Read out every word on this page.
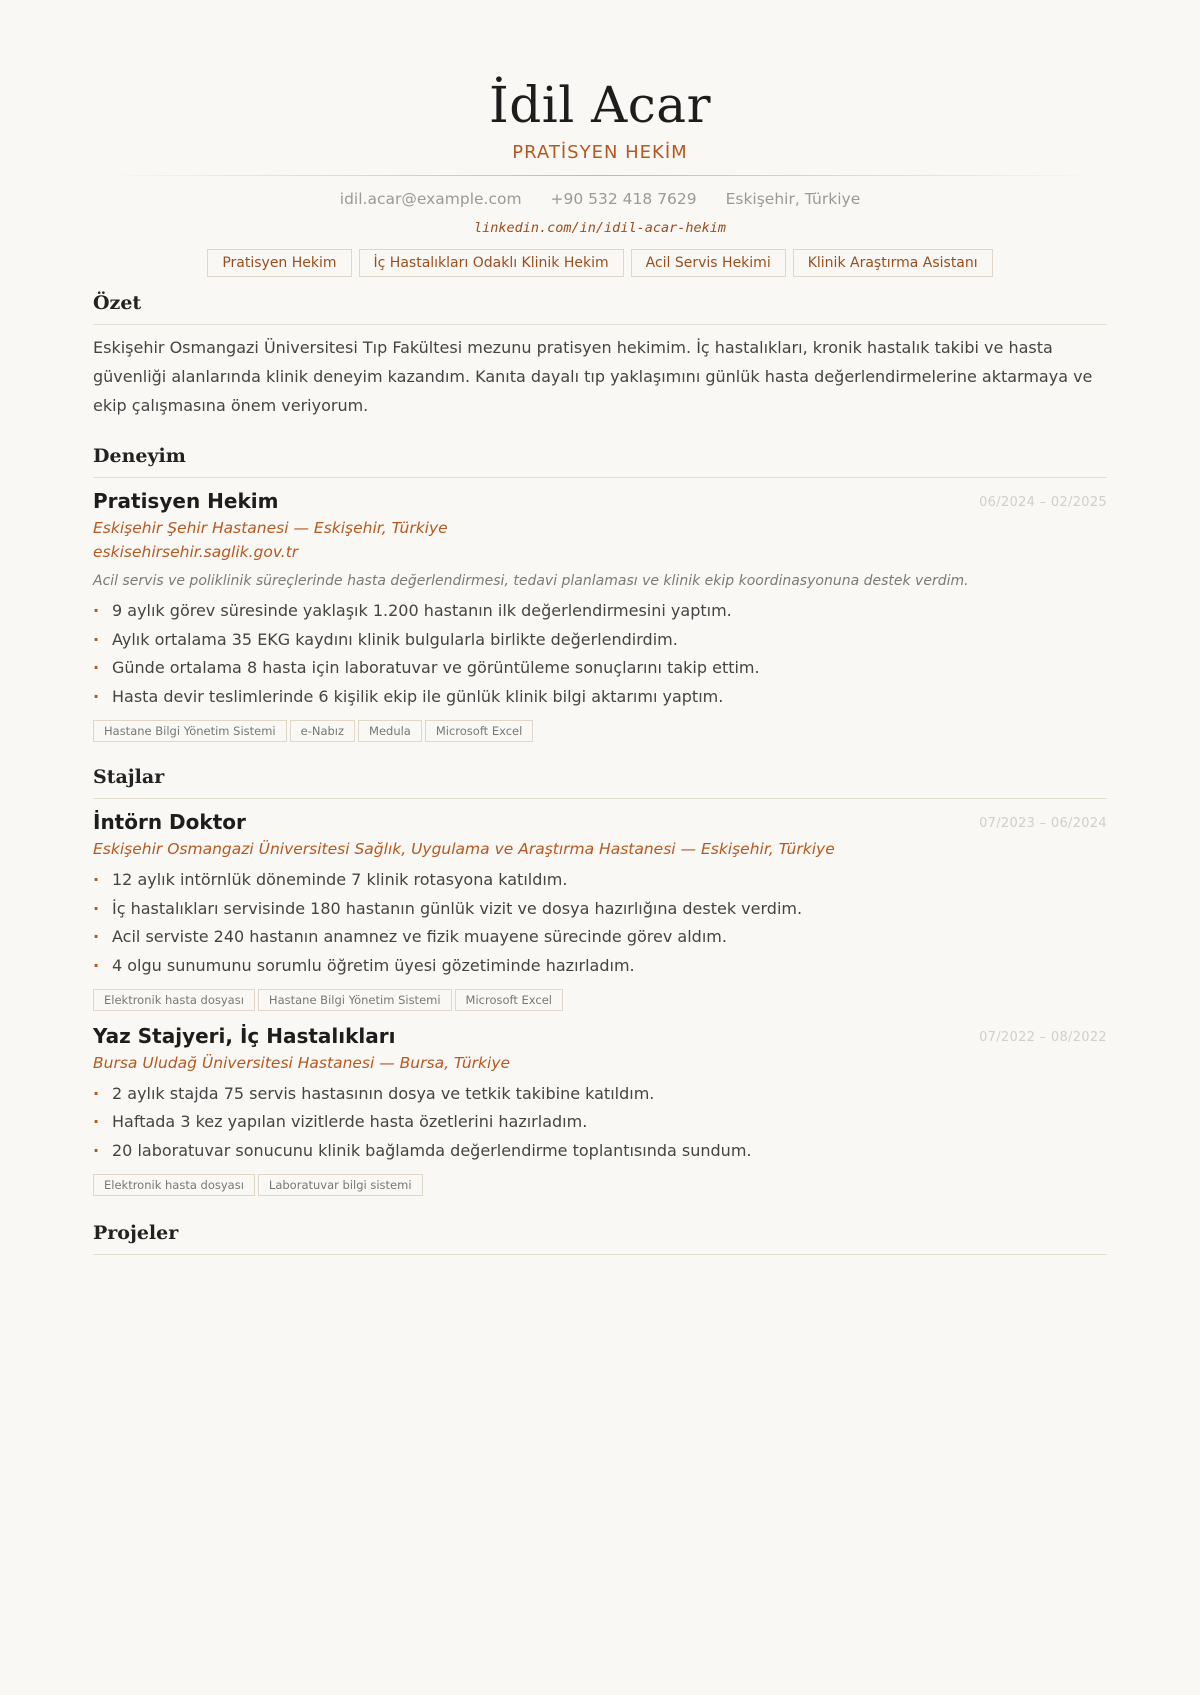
İdil Acar
PRATİSYEN HEKİM
idil.acar@example.com +90 532 418 7629 Eskişehir, Türkiye
linkedin.com/in/idil-acar-hekim
Pratisyen Hekim	İç Hastalıkları Odaklı Klinik Hekim	Acil Servis Hekimi	Klinik Araştırma Asistanı
Özet
Eskişehir Osmangazi Üniversitesi Tıp Fakültesi mezunu pratisyen hekimim. İç hastalıkları, kronik hastalık takibi ve hasta güvenliği alanlarında klinik deneyim kazandım. Kanıta dayalı tıp yaklaşımını günlük hasta değerlendirmelerine aktarmaya ve ekip çalışmasına önem veriyorum.
Deneyim
Pratisyen Hekim	06/2024 – 02/2025
Eskişehir Şehir Hastanesi — Eskişehir, Türkiye
eskisehirsehir.saglik.gov.tr
Acil servis ve poliklinik süreçlerinde hasta değerlendirmesi, tedavi planlaması ve klinik ekip koordinasyonuna destek verdim.
· 9 aylık görev süresinde yaklaşık 1.200 hastanın ilk değerlendirmesini yaptım.
· Aylık ortalama 35 EKG kaydını klinik bulgularla birlikte değerlendirdim.
· Günde ortalama 8 hasta için laboratuvar ve görüntüleme sonuçlarını takip ettim.
· Hasta devir teslimlerinde 6 kişilik ekip ile günlük klinik bilgi aktarımı yaptım.
Hastane Bilgi Yönetim Sistemi	e-Nabız	Medula	Microsoft Excel
Stajlar
İntörn Doktor	07/2023 – 06/2024
Eskişehir Osmangazi Üniversitesi Sağlık, Uygulama ve Araştırma Hastanesi — Eskişehir, Türkiye
· 12 aylık intörnlük döneminde 7 klinik rotasyona katıldım.
· İç hastalıkları servisinde 180 hastanın günlük vizit ve dosya hazırlığına destek verdim.
· Acil serviste 240 hastanın anamnez ve fizik muayene sürecinde görev aldım.
· 4 olgu sunumunu sorumlu öğretim üyesi gözetiminde hazırladım.
Elektronik hasta dosyası	Hastane Bilgi Yönetim Sistemi	Microsoft Excel
Yaz Stajyeri, İç Hastalıkları	07/2022 – 08/2022
Bursa Uludağ Üniversitesi Hastanesi — Bursa, Türkiye
· 2 aylık stajda 75 servis hastasının dosya ve tetkik takibine katıldım.
· Haftada 3 kez yapılan vizitlerde hasta özetlerini hazırladım.
· 20 laboratuvar sonucunu klinik bağlamda değerlendirme toplantısında sundum.
Elektronik hasta dosyası	Laboratuvar bilgi sistemi
Projeler
